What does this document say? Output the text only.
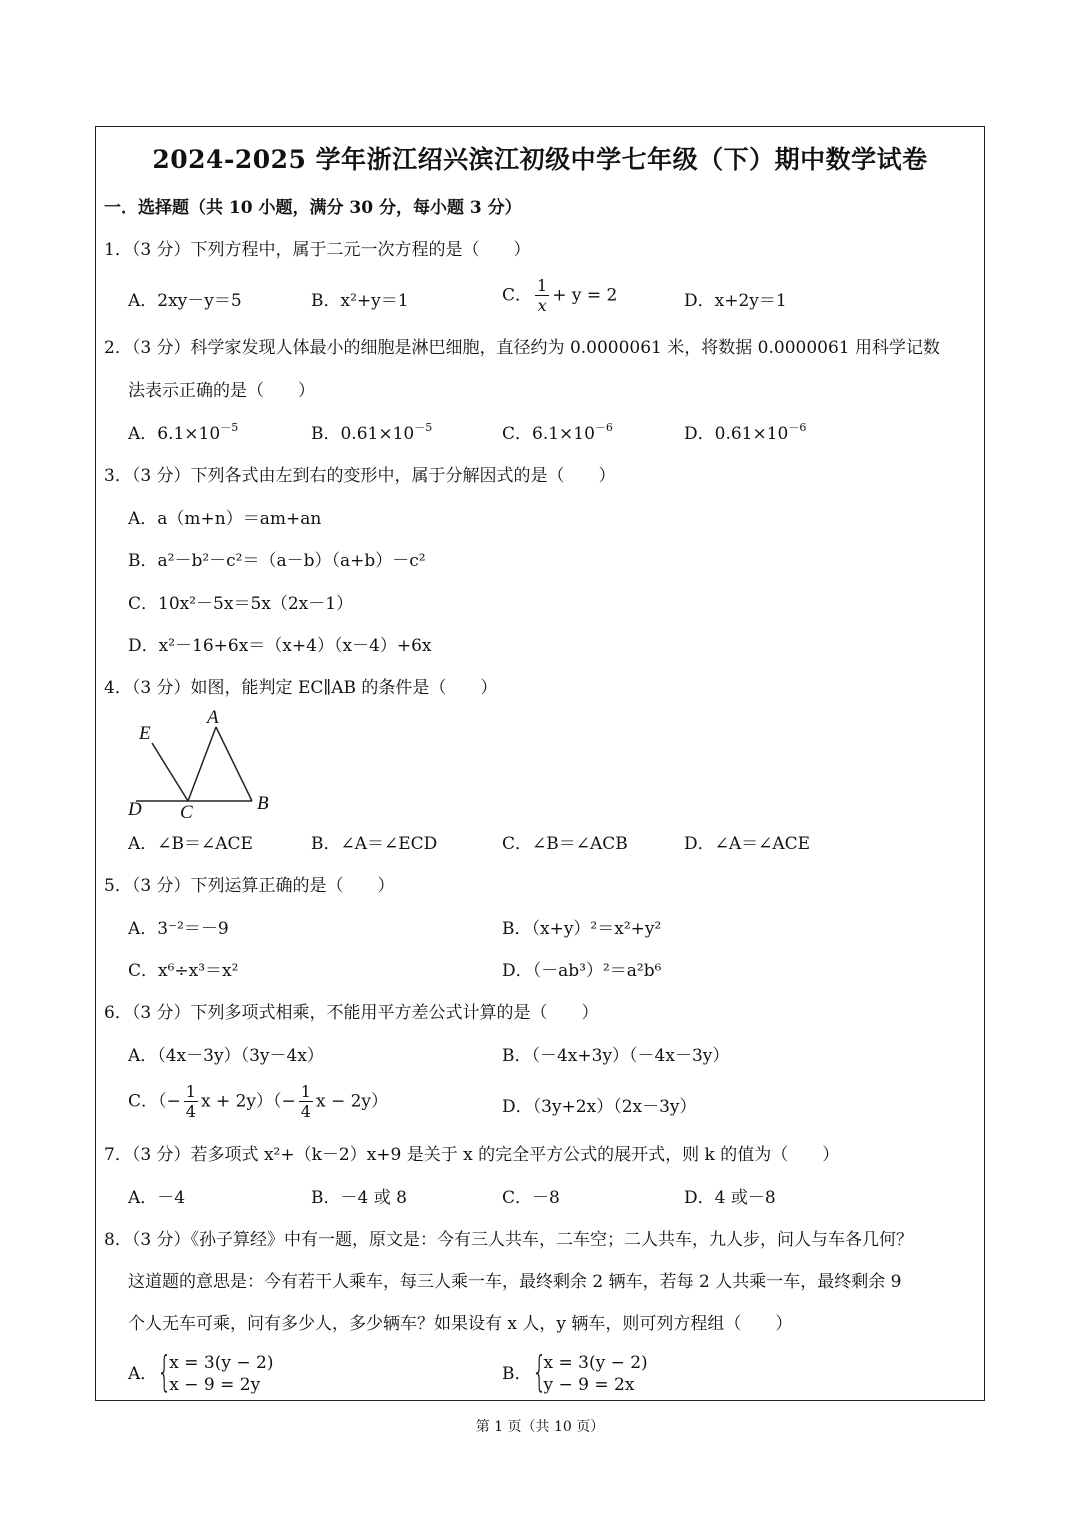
2024-2025 学年浙江绍兴滨江初级中学七年级（下）期中数学试卷
一．选择题（共 10 小题，满分 30 分，每小题 3 分）
1．（3 分）下列方程中，属于二元一次方程的是（　　）
A．2xy－y＝5	B．x²+y＝1	C． $\frac{1}{x} + y = 2$	D．x+2y＝1
2．（3 分）科学家发现人体最小的细胞是淋巴细胞，直径约为 0.0000061 米，将数据 0.0000061 用科学记数
法表示正确的是（　　）
A．$6.1\times 10^{-5}$	B．$0.61\times 10^{-5}$	C．$6.1\times 10^{-6}$	D．$0.61\times 10^{-6}$
3．（3 分）下列各式由左到右的变形中，属于分解因式的是（　　）
A．a（m+n）＝am+an
B．a²－b²－c²＝（a－b）（a+b）－c²
C．10x²－5x＝5x（2x－1）
D．x²－16+6x＝（x+4）（x－4）+6x
4．（3 分）如图，能判定 EC∥AB 的条件是（　　）
E
A
D C	B
A．∠B＝∠ACE	B．∠A＝∠ECD	C．∠B＝∠ACB	D．∠A＝∠ACE
5．（3 分）下列运算正确的是（　　）
A．3⁻²＝－9	B．（x+y）²＝x²+y²
C．x⁶÷x³＝x²	D．（－ab³）²＝a²b⁶
6．（3 分）下列多项式相乘，不能用平方差公式计算的是（　　）
A．（4x－3y）（3y－4x）	B．（－4x+3y）（－4x－3y）
C．（− $\frac{1}{4}$ $x + 2y)(- \frac{1}{4}$ x − 2y）	D．（3y+2x）（2x－3y）
7．（3 分）若多项式 x²+（k－2）x+9 是关于 x 的完全平方公式的展开式，则 k 的值为（　　）
A．－4	B．－4 或 8	C．－8	D．4 或－8
8．（3 分）《孙子算经》中有一题，原文是：今有三人共车，二车空；二人共车，九人步，问人与车各几何？
这道题的意思是：今有若干人乘车，每三人乘一车，最终剩余 2 辆车，若每 2 人共乘一车，最终剩余 9
个人无车可乘，问有多少人，多少辆车？如果设有 x 人，y 辆车，则可列方程组（　　）
A． {
x = 3(y − 2)
x − 9 = 2y
B． {
x = 3(y − 2)
y − 9 = 2x
第 1 页（共 10 页）
